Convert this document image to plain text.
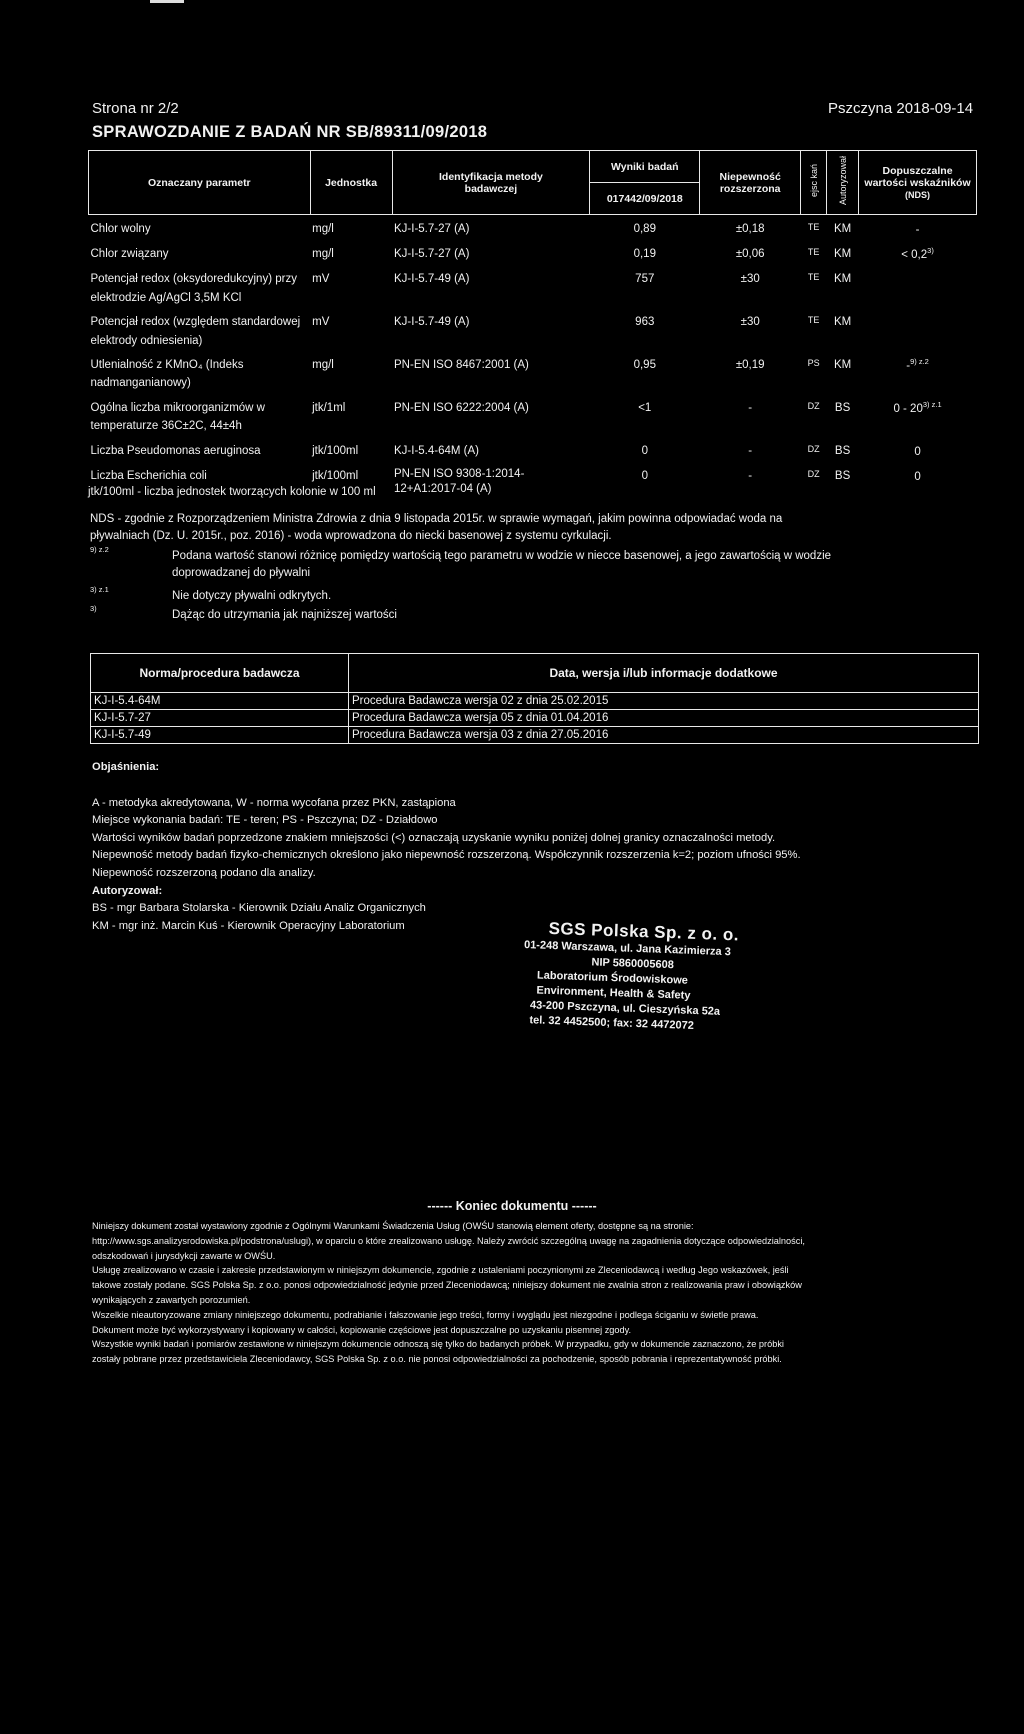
Strona nr 2/2	Pszczyna 2018-09-14
SPRAWOZDANIE Z BADAŃ NR SB/89311/09/2018
Oznaczany parametr	Jednostka	Identyfikacja metody badawczej	Wyniki badań	Niepewność rozszerzona	ejsc kań	Autoryzował	Dopuszczalne wartości wskaźników (NDS)
			017442/09/2018				
Chlor wolny	mg/l	KJ-I-5.7-27 (A)	0,89	±0,18	TE	KM	-
Chlor związany	mg/l	KJ-I-5.7-27 (A)	0,19	±0,06	TE	KM	< $0,2^{3)}$
Potencjał redox (oksydoredukcyjny) przy elektrodzie Ag/AgCl 3,5M KCl	mV	KJ-I-5.7-49 (A)	757	±30	TE	KM	
Potencjał redox (względem standardowej elektrody odniesienia)	mV	KJ-I-5.7-49 (A)	963	±30	TE	KM	
Utlenialność z KMnO₄ (Indeks nadmanganianowy)	mg/l	PN-EN ISO 8467:2001 (A)	0,95	±0,19	PS	KM	-$^{9) z.2}$
Ogólna liczba mikroorganizmów w temperaturze 36C±2C, 44±4h	jtk/1ml	PN-EN ISO 6222:2004 (A)	<1	-	DZ	BS	$0 - 20^{3) z.1}$
Liczba Pseudomonas aeruginosa	jtk/100ml	KJ-I-5.4-64M (A)	0	-	DZ	BS	0
Liczba Escherichia coli	jtk/100ml	PN-EN ISO 9308-1:2014-12+A1:2017-04 (A)	0	-	DZ	BS	0
jtk/100ml - liczba jednostek tworzących kolonie w 100 ml
NDS - zgodnie z Rozporządzeniem Ministra Zdrowia z dnia 9 listopada 2015r. w sprawie wymagań, jakim powinna odpowiadać woda na pływalniach (Dz. U. 2015r., poz. 2016) - woda wprowadzona do niecki basenowej z systemu cyrkulacji.
9) z.2
Podana wartość stanowi różnicę pomiędzy wartością tego parametru w wodzie w niecce basenowej, a jego zawartością w wodzie doprowadzanej do pływalni
3) z.1
Nie dotyczy pływalni odkrytych.
3)
Dążąc do utrzymania jak najniższej wartości
Norma/procedura badawcza	Data, wersja i/lub informacje dodatkowe
KJ-I-5.4-64M	Procedura Badawcza wersja 02 z dnia 25.02.2015
KJ-I-5.7-27	Procedura Badawcza wersja 05 z dnia 01.04.2016
KJ-I-5.7-49	Procedura Badawcza wersja 03 z dnia 27.05.2016
Objaśnienia:
A - metodyka akredytowana, W - norma wycofana przez PKN, zastąpiona
Miejsce wykonania badań: TE - teren; PS - Pszczyna; DZ - Działdowo
Wartości wyników badań poprzedzone znakiem mniejszości (<) oznaczają uzyskanie wyniku poniżej dolnej granicy oznaczalności metody.
Niepewność metody badań fizyko-chemicznych określono jako niepewność rozszerzoną. Współczynnik rozszerzenia k=2; poziom ufności 95%.
Niepewność rozszerzoną podano dla analizy.
Autoryzował:
BS - mgr Barbara Stolarska - Kierownik Działu Analiz Organicznych
KM - mgr inż. Marcin Kuś - Kierownik Operacyjny Laboratorium	SGS Polska Sp. z o. o.
01-248 Warszawa, ul. Jana Kazimierza 3
NIP 5860005608
Laboratorium Środowiskowe
Environment, Health & Safety
43-200 Pszczyna, ul. Cieszyńska 52a
tel. 32 4452500; fax: 32 4472072
------ Koniec dokumentu ------
Niniejszy dokument został wystawiony zgodnie z Ogólnymi Warunkami Świadczenia Usług (OWŚU stanowią element oferty, dostępne są na stronie:
http://www.sgs.analizysrodowiska.pl/podstrona/uslugi), w oparciu o które zrealizowano usługę. Należy zwrócić szczególną uwagę na zagadnienia dotyczące odpowiedzialności,
odszkodowań i jurysdykcji zawarte w OWŚU.
Usługę zrealizowano w czasie i zakresie przedstawionym w niniejszym dokumencie, zgodnie z ustaleniami poczynionymi ze Zleceniodawcą i według Jego wskazówek, jeśli
takowe zostały podane. SGS Polska Sp. z o.o. ponosi odpowiedzialność jedynie przed Zleceniodawcą; niniejszy dokument nie zwalnia stron z realizowania praw i obowiązków
wynikających z zawartych porozumień.
Wszelkie nieautoryzowane zmiany niniejszego dokumentu, podrabianie i fałszowanie jego treści, formy i wyglądu jest niezgodne i podlega ściganiu w świetle prawa.
Dokument może być wykorzystywany i kopiowany w całości, kopiowanie częściowe jest dopuszczalne po uzyskaniu pisemnej zgody.
Wszystkie wyniki badań i pomiarów zestawione w niniejszym dokumencie odnoszą się tylko do badanych próbek. W przypadku, gdy w dokumencie zaznaczono, że próbki
zostały pobrane przez przedstawiciela Zleceniodawcy, SGS Polska Sp. z o.o. nie ponosi odpowiedzialności za pochodzenie, sposób pobrania i reprezentatywność próbki.
